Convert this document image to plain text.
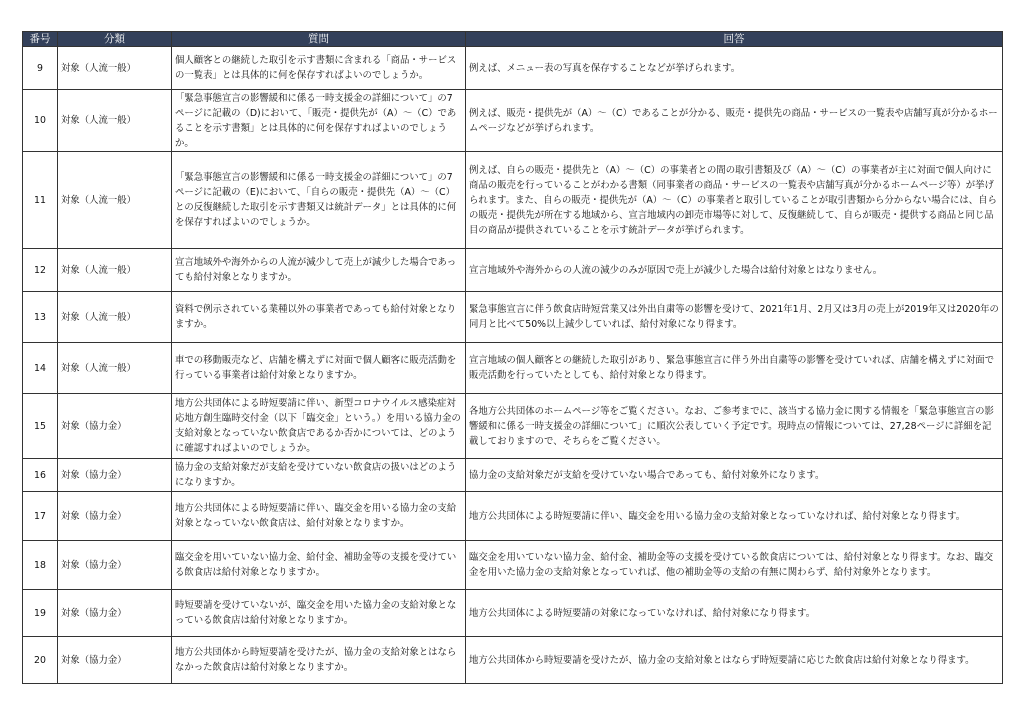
番号	分類	質問	回答
9	対象（人流一般）	個人顧客との継続した取引を示す書類に含まれる「商品・サービスの一覧表」とは具体的に何を保存すればよいのでしょうか。	例えば、メニュー表の写真を保存することなどが挙げられます。
10	対象（人流一般）	「緊急事態宣言の影響緩和に係る一時支援金の詳細について」の7ページに記載の（D)において、「販売・提供先が（A）～（C）であることを示す書類」とは具体的に何を保存すればよいのでしょうか。	例えば、販売・提供先が（A）～（C）であることが分かる、販売・提供先の商品・サービスの一覧表や店舗写真が分かるホームページなどが挙げられます。
11	対象（人流一般）	「緊急事態宣言の影響緩和に係る一時支援金の詳細について」の7ページに記載の（E)において、「自らの販売・提供先（A）～（C）との反復継続した取引を示す書類又は統計データ」とは具体的に何を保存すればよいのでしょうか。	例えば、自らの販売・提供先と（A）～（C）の事業者との間の取引書類及び（A）～（C）の事業者が主に対面で個人向けに商品の販売を行っていることがわかる書類（同事業者の商品・サービスの一覧表や店舗写真が分かるホームページ等）が挙げられます。また、自らの販売・提供先が（A）～（C）の事業者と取引していることが取引書類から分からない場合には、自らの販売・提供先が所在する地域から、宣言地域内の卸売市場等に対して、反復継続して、自らが販売・提供する商品と同じ品目の商品が提供されていることを示す統計データが挙げられます。
12	対象（人流一般）	宣言地域外や海外からの人流が減少して売上が減少した場合であっても給付対象となりますか。	宣言地域外や海外からの人流の減少のみが原因で売上が減少した場合は給付対象とはなりません。
13	対象（人流一般）	資料で例示されている業種以外の事業者であっても給付対象となりますか。	緊急事態宣言に伴う飲食店時短営業又は外出自粛等の影響を受けて、2021年1月、2月又は3月の売上が2019年又は2020年の同月と比べて50%以上減少していれば、給付対象になり得ます。
14	対象（人流一般）	車での移動販売など、店舗を構えずに対面で個人顧客に販売活動を行っている事業者は給付対象となりますか。	宣言地域の個人顧客との継続した取引があり、緊急事態宣言に伴う外出自粛等の影響を受けていれば、店舗を構えずに対面で販売活動を行っていたとしても、給付対象となり得ます。
15	対象（協力金）	地方公共団体による時短要請に伴い、新型コロナウイルス感染症対応地方創生臨時交付金（以下「臨交金」という。）を用いる協力金の支給対象となっていない飲食店であるか否かについては、どのように確認すればよいのでしょうか。	各地方公共団体のホームページ等をご覧ください。なお、ご参考までに、該当する協力金に関する情報を「緊急事態宣言の影響緩和に係る一時支援金の詳細について」に順次公表していく予定です。現時点の情報については、27,28ページに詳細を記載しておりますので、そちらをご覧ください。
16	対象（協力金）	協力金の支給対象だが支給を受けていない飲食店の扱いはどのようになりますか。	協力金の支給対象だが支給を受けていない場合であっても、給付対象外になります。
17	対象（協力金）	地方公共団体による時短要請に伴い、臨交金を用いる協力金の支給対象となっていない飲食店は、給付対象となりますか。	地方公共団体による時短要請に伴い、臨交金を用いる協力金の支給対象となっていなければ、給付対象となり得ます。
18	対象（協力金）	臨交金を用いていない協力金、給付金、補助金等の支援を受けている飲食店は給付対象となりますか。	臨交金を用いていない協力金、給付金、補助金等の支援を受けている飲食店については、給付対象となり得ます。なお、臨交金を用いた協力金の支給対象となっていれば、他の補助金等の支給の有無に関わらず、給付対象外となります。
19	対象（協力金）	時短要請を受けていないが、臨交金を用いた協力金の支給対象となっている飲食店は給付対象となりますか。	地方公共団体による時短要請の対象になっていなければ、給付対象になり得ます。
20	対象（協力金）	地方公共団体から時短要請を受けたが、協力金の支給対象とはならなかった飲食店は給付対象となりますか。	地方公共団体から時短要請を受けたが、協力金の支給対象とはならず時短要請に応じた飲食店は給付対象となり得ます。
